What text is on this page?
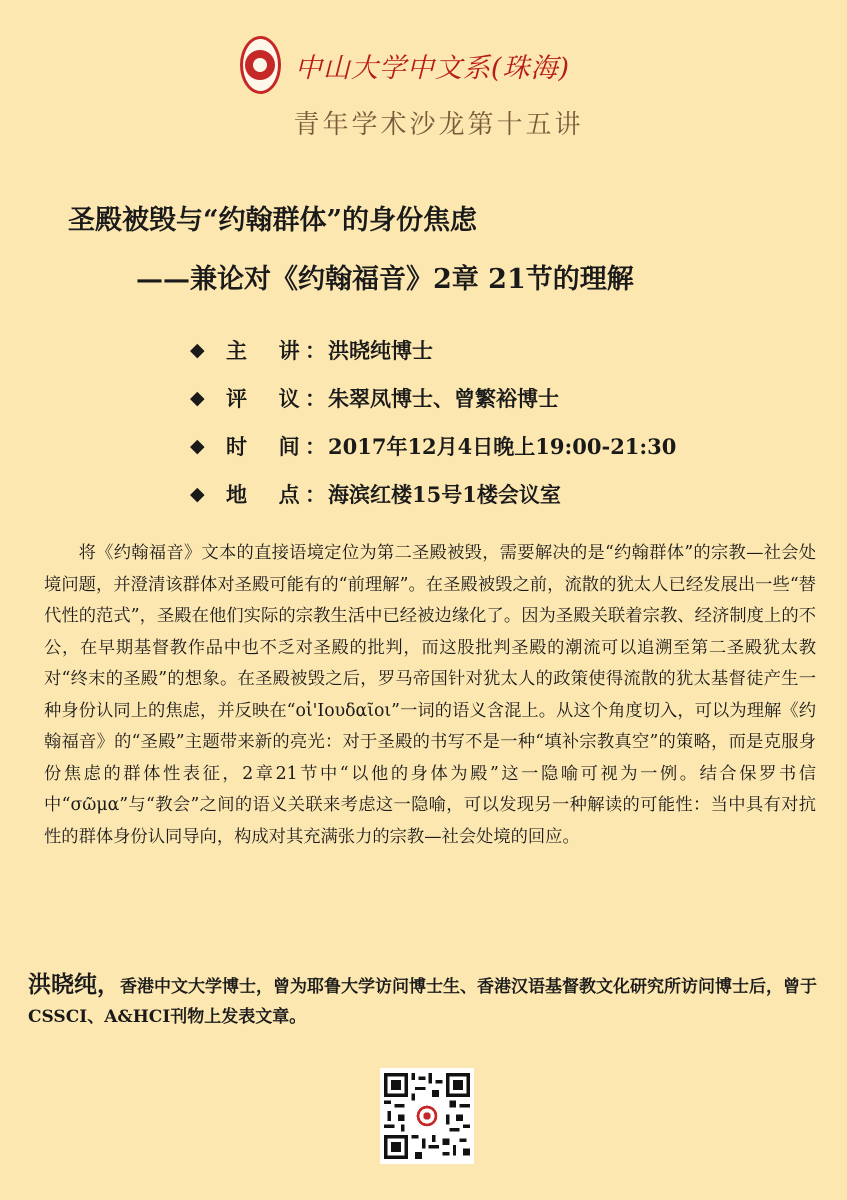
中山大学中文系(珠海)
青年学术沙龙第十五讲
圣殿被毁与“约翰群体”的身份焦虑
——兼论对《约翰福音》2章 21节的理解
◆	主　讲： 洪晓纯博士
◆	评　议： 朱翠凤博士、曾繁裕博士
◆	时　间： 2017年12月4日晚上19:00-21:30
◆	地　点： 海滨红楼15号1楼会议室

将《约翰福音》文本的直接语境定位为第二圣殿被毁，需要解决的是“约翰群体”的宗教—社会处境问题，并澄清该群体对圣殿可能有的“前理解”。在圣殿被毁之前，流散的犹太人已经发展出一些“替代性的范式”，圣殿在他们实际的宗教生活中已经被边缘化了。因为圣殿关联着宗教、经济制度上的不公，在早期基督教作品中也不乏对圣殿的批判，而这股批判圣殿的潮流可以追溯至第二圣殿犹太教对“终末的圣殿”的想象。在圣殿被毁之后，罗马帝国针对犹太人的政策使得流散的犹太基督徒产生一种身份认同上的焦虑，并反映在“oἰ'Ιουδαῖοι”一词的语义含混上。从这个角度切入，可以为理解《约翰福音》的“圣殿”主题带来新的亮光：对于圣殿的书写不是一种“填补宗教真空”的策略，而是克服身份焦虑的群体性表征，2章21节中“以他的身体为殿”这一隐喻可视为一例。结合保罗书信中“σῶμα”与“教会”之间的语义关联来考虑这一隐喻，可以发现另一种解读的可能性：当中具有对抗性的群体身份认同导向，构成对其充满张力的宗教—社会处境的回应。

洪晓纯，香港中文大学博士，曾为耶鲁大学访问博士生、香港汉语基督教文化研究所访问博士后，曾于CSSCI、A&HCI刊物上发表文章。
